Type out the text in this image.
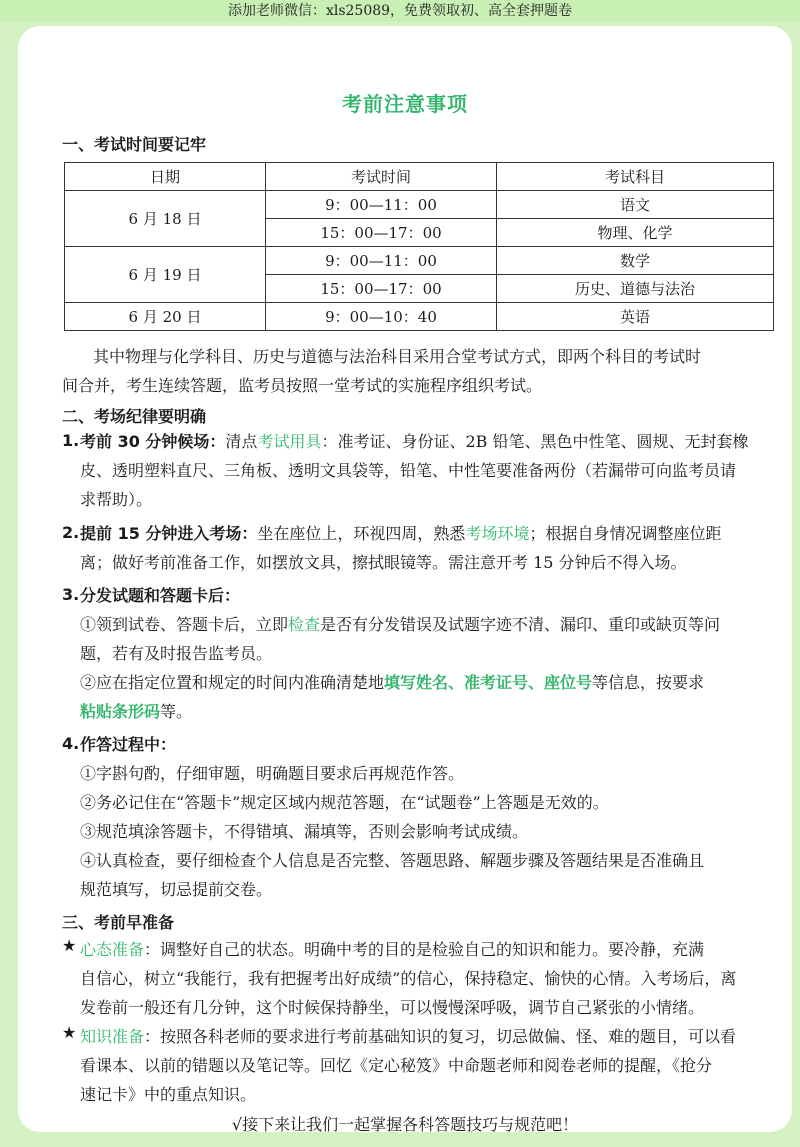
添加老师微信：xls25089，免费领取初、高全套押题卷
考前注意事项
一、考试时间要记牢
日期	考试时间	考试科目
6 月 18 日	9：00—11：00	语文
	15：00—17：00	物理、化学
6 月 19 日	9：00—11：00	数学
	15：00—17：00	历史、道德与法治
6 月 20 日	9：00—10：40	英语
其中物理与化学科目、历史与道德与法治科目采用合堂考试方式，即两个科目的考试时
间合并，考生连续答题，监考员按照一堂考试的实施程序组织考试。
二、考场纪律要明确
1. 考前 30 分钟候场：清点考试用具：准考证、身份证、2B 铅笔、黑色中性笔、圆规、无封套橡
皮、透明塑料直尺、三角板、透明文具袋等，铅笔、中性笔要准备两份（若漏带可向监考员请
求帮助）。
2. 提前 15 分钟进入考场：坐在座位上，环视四周，熟悉考场环境；根据自身情况调整座位距
离；做好考前准备工作，如摆放文具，擦拭眼镜等。需注意开考 15 分钟后不得入场。
3. 分发试题和答题卡后：
①领到试卷、答题卡后，立即检查是否有分发错误及试题字迹不清、漏印、重印或缺页等问
题，若有及时报告监考员。
②应在指定位置和规定的时间内准确清楚地填写姓名、准考证号、座位号等信息，按要求
粘贴条形码等。
4. 作答过程中：
①字斟句酌，仔细审题，明确题目要求后再规范作答。
②务必记住在“答题卡”规定区域内规范答题，在“试题卷”上答题是无效的。
③规范填涂答题卡，不得错填、漏填等，否则会影响考试成绩。
④认真检查，要仔细检查个人信息是否完整、答题思路、解题步骤及答题结果是否准确且
规范填写，切忌提前交卷。
三、考前早准备
★ 心态准备：调整好自己的状态。明确中考的目的是检验自己的知识和能力。要冷静，充满
自信心，树立“我能行，我有把握考出好成绩”的信心，保持稳定、愉快的心情。入考场后，离
发卷前一般还有几分钟，这个时候保持静坐，可以慢慢深呼吸，调节自己紧张的小情绪。
★ 知识准备：按照各科老师的要求进行考前基础知识的复习，切忌做偏、怪、难的题目，可以看
看课本、以前的错题以及笔记等。回忆《定心秘笈》中命题老师和阅卷老师的提醒，《抢分
速记卡》中的重点知识。
√接下来让我们一起掌握各科答题技巧与规范吧！
